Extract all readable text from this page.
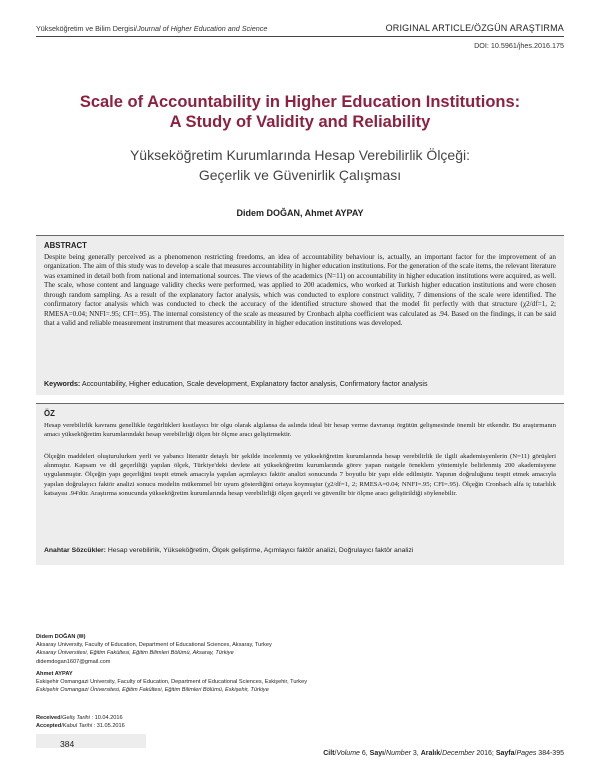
Yükseköğretim ve Bilim Dergisi/Journal of Higher Education and Science	ORIGINAL ARTICLE/ÖZGÜN ARAŞTIRMA
DOI: 10.5961/jhes.2016.175
Scale of Accountability in Higher Education Institutions:
A Study of Validity and Reliability
Yükseköğretim Kurumlarında Hesap Verebilirlik Ölçeği:
Geçerlik ve Güvenirlik Çalışması
Didem DOĞAN, Ahmet AYPAY
ABSTRACT
Despite being generally perceived as a phenomenon restricting freedoms, an idea of accountability behaviour is, actually, an important factor for the improvement of an organization. The aim of this study was to develop a scale that measures accountability in higher education institutions. For the generation of the scale items, the relevant literature was examined in detail both from national and international sources. The views of the academics (N=11) on accountability in higher education institutions were acquired, as well. The scale, whose content and language validity checks were performed, was applied to 200 academics, who worked at Turkish higher education institutions and were chosen through random sampling. As a result of the explanatory factor analysis, which was conducted to explore construct validity, 7 dimensions of the scale were identified. The confirmatory factor analysis which was conducted to check the accuracy of the identified structure showed that the model fit perfectly with that structure (χ2/df=1, 2; RMESA=0.04; NNFI=.95; CFI=.95). The internal consistency of the scale as measured by Cronbach alpha coefficient was calculated as .94. Based on the findings, it can be said that a valid and reliable measurement instrument that measures accountability in higher education institutions was developed.
Keywords: Accountability, Higher education, Scale development, Explanatory factor analysis, Confirmatory factor analysis
ÖZ
Hesap verebilirlik kavramı genellikle özgürlükleri kısıtlayıcı bir olgu olarak algılansa da aslında ideal bir hesap verme davranışı örgütün gelişmesinde önemli bir etkendir. Bu araştırmanın amacı yükseköğretim kurumlarındaki hesap verebilirliği ölçen bir ölçme aracı geliştirmektir.
Ölçeğin maddeleri oluşturulurken yerli ve yabancı literatür detaylı bir şekilde incelenmiş ve yükseköğretim kurumlarında hesap verebilirlik ile ilgili akademisyenlerin (N=11) görüşleri alınmıştır. Kapsam ve dil geçerliliği yapılan ölçek, Türkiye'deki devlete ait yükseköğretim kurumlarında görev yapan rastgele örneklem yöntemiyle belirlenmiş 200 akademisyene uygulanmıştır. Ölçeğin yapı geçerliğini tespit etmek amacıyla yapılan açımlayıcı faktör analizi sonucunda 7 boyutlu bir yapı elde edilmiştir. Yapının doğruluğunu tespit etmek amacıyla yapılan doğrulayıcı faktör analizi sonucu modelin mükemmel bir uyum gösterdiğini ortaya koymuştur (χ2/df=1, 2; RMESA=0.04; NNFI=.95; CFI=.95). Ölçeğin Cronbach alfa iç tutarlılık katsayısı .94'dür. Araştırma sonucunda yükseköğretim kurumlarında hesap verebilirliği ölçen geçerli ve güvenilir bir ölçme aracı geliştirildiği söylenebilir.
Anahtar Sözcükler: Hesap verebilirlik, Yükseköğretim, Ölçek geliştirme, Açımlayıcı faktör analizi, Doğrulayıcı faktör analizi
Didem DOĞAN (✉)
Aksaray University, Faculty of Education, Department of Educational Sciences, Aksaray, Turkey
Aksaray Üniversitesi, Eğitim Fakültesi, Eğitim Bilimleri Bölümü, Aksaray, Türkiye
didemdogan1607@gmail.com
Ahmet AYPAY
Eskişehir Osmangazi University, Faculty of Education, Department of Educational Sciences, Eskişehir, Turkey
Eskişehir Osmangazi Üniversitesi, Eğitim Fakültesi, Eğitim Bilimleri Bölümü, Eskişehir, Türkiye
Received/Geliş Tarihi : 10.04.2016
Accepted/Kabul Tarihi : 31.05.2016
384
Cilt/Volume 6, Sayı/Number 3, Aralık/December 2016; Sayfa/Pages 384-395
